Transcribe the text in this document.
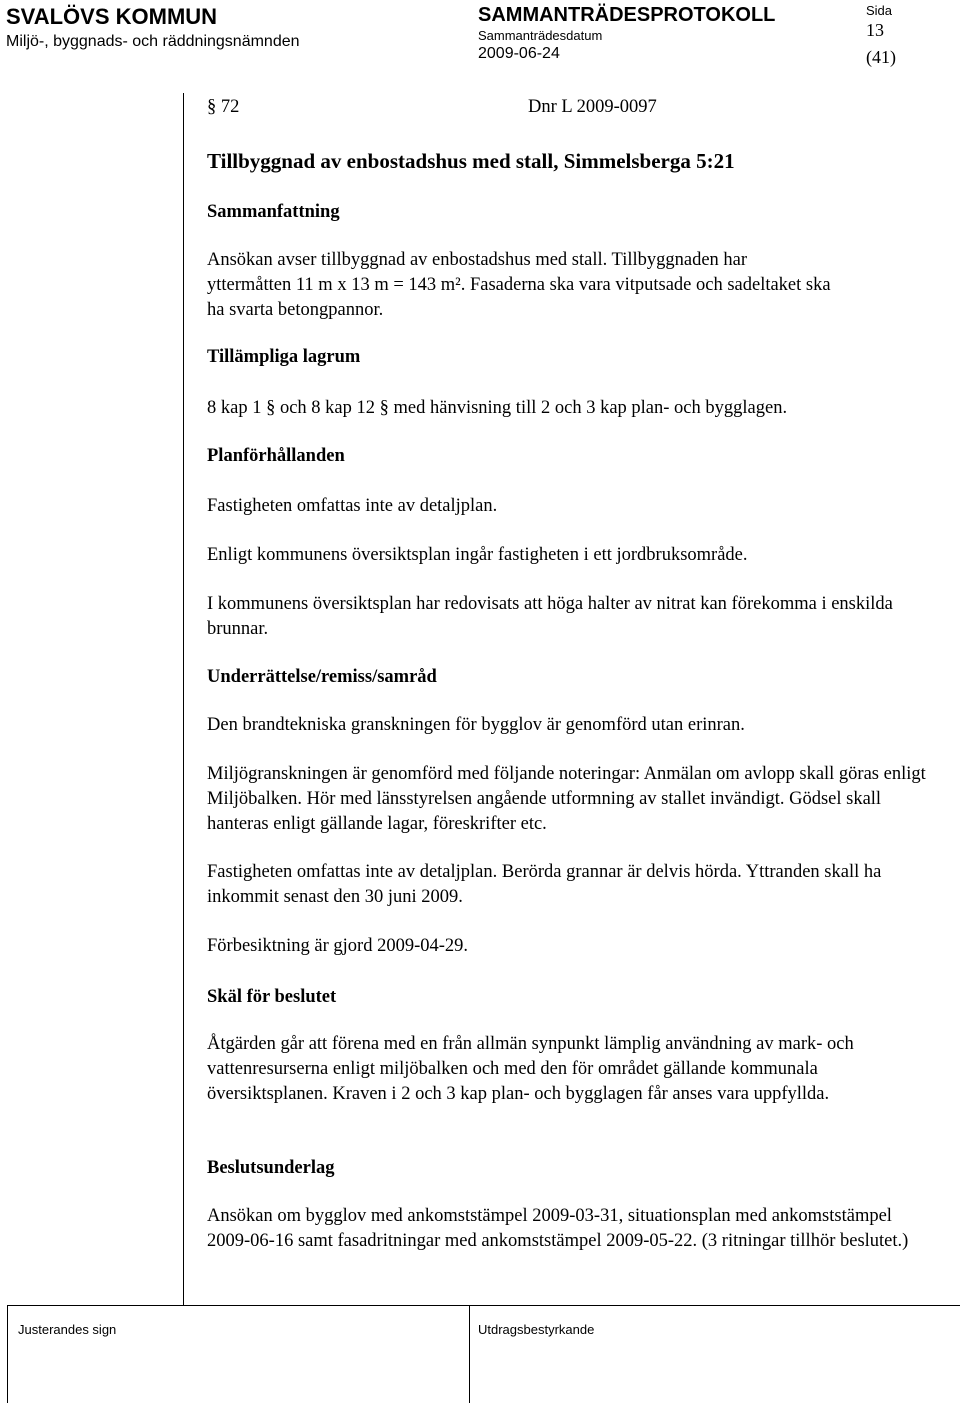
SVALÖVS KOMMUN
Miljö-, byggnads- och räddningsnämnden
SAMMANTRÄDESPROTOKOLL
Sammanträdesdatum
2009-06-24
Sida
13
(41)
§ 72	Dnr L 2009-0097
Tillbyggnad av enbostadshus med stall, Simmelsberga 5:21
Sammanfattning

Ansökan avser tillbyggnad av enbostadshus med stall. Tillbyggnaden har yttermåtten 11 m x 13 m = 143 m². Fasaderna ska vara vitputsade och sadeltaket ska ha svarta betongpannor.

Tillämpliga lagrum

8 kap 1 § och 8 kap 12 § med hänvisning till 2 och 3 kap plan- och bygglagen.

Planförhållanden

Fastigheten omfattas inte av detaljplan.

Enligt kommunens översiktsplan ingår fastigheten i ett jordbruksområde.

I kommunens översiktsplan har redovisats att höga halter av nitrat kan förekomma i enskilda brunnar.

Underrättelse/remiss/samråd

Den brandtekniska granskningen för bygglov är genomförd utan erinran.

Miljögranskningen är genomförd med följande noteringar: Anmälan om avlopp skall göras enligt Miljöbalken. Hör med länsstyrelsen angående utformning av stallet invändigt. Gödsel skall hanteras enligt gällande lagar, föreskrifter etc.

Fastigheten omfattas inte av detaljplan. Berörda grannar är delvis hörda. Yttranden skall ha inkommit senast den 30 juni 2009.

Förbesiktning är gjord 2009-04-29.

Skäl för beslutet

Åtgärden går att förena med en från allmän synpunkt lämplig användning av mark- och vattenresurserna enligt miljöbalken och med den för området gällande kommunala översiktsplanen. Kraven i 2 och 3 kap plan- och bygglagen får anses vara uppfyllda.

Beslutsunderlag

Ansökan om bygglov med ankomststämpel 2009-03-31, situationsplan med ankomststämpel 2009-06-16 samt fasadritningar med ankomststämpel 2009-05-22. (3 ritningar tillhör beslutet.)

Justerandes sign	Utdragsbestyrkande
